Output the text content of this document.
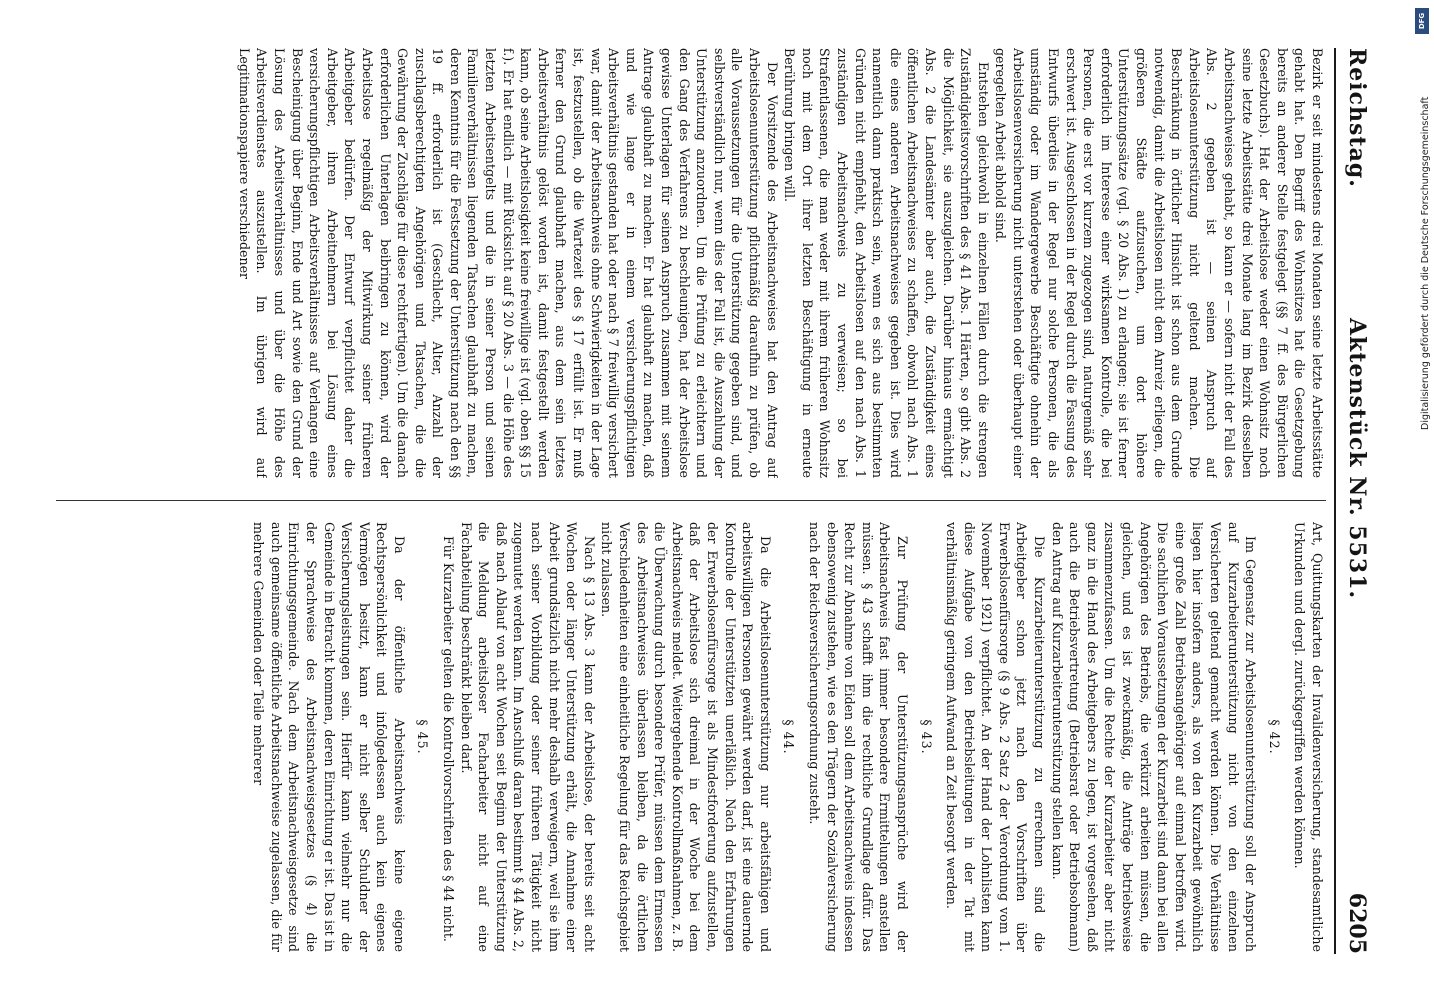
Reichstag.
Aktenstück Nr. 5531.
6205

Bezirk er seit mindestens drei Monaten seine letzte Arbeitsstätte gehabt hat. Den Begriff des Wohnsitzes hat die Gesetzgebung bereits an anderer Stelle festgelegt (§§ 7 ff. des Bürgerlichen Gesetzbuchs). Hat der Arbeitslose weder einen Wohnsitz noch seine letzte Arbeitsstätte drei Monate lang im Bezirk desselben Arbeitsnachweises gehabt, so kann er — sofern nicht der Fall des Abs. 2 gegeben ist — seinen Anspruch auf Arbeitslosenunterstützung nicht geltend machen. Die Beschränkung in örtlicher Hinsicht ist schon aus dem Grunde notwendig, damit die Arbeitslosen nicht dem Anreiz erliegen, die größeren Städte aufzusuchen, um dort höhere Unterstützungssätze (vgl. § 20 Abs. 1) zu erlangen; sie ist ferner erforderlich im Interesse einer wirksamen Kontrolle, die bei Personen, die erst vor kurzem zugezogen sind, naturgemäß sehr erschwert ist. Ausgeschlossen in der Regel durch die Fassung des Entwurfs überdies in der Regel nur solche Personen, die als umständig oder im Wandergewerbe Beschäftigte ohnehin der Arbeitslosenversicherung nicht unterstehen oder überhaupt einer geregelten Arbeit abhold sind.

Entstehen gleichwohl in einzelnen Fällen durch die strengen Zuständigkeitsvorschriften des § 41 Abs. 1 Härten, so gibt Abs. 2 die Möglichkeit, sie auszugleichen. Darüber hinaus ermächtigt Abs. 2 die Landesämter aber auch, die Zuständigkeit eines öffentlichen Arbeitsnachweises zu schaffen, obwohl nach Abs. 1 die eines anderen Arbeitsnachweises gegeben ist. Dies wird namentlich dann praktisch sein, wenn es sich aus bestimmten Gründen nicht empfiehlt, den Arbeitslosen auf den nach Abs. 1 zuständigen Arbeitsnachweis zu verweisen; so bei Strafentlassenen, die man weder mit ihrem früheren Wohnsitz noch mit dem Ort ihrer letzten Beschäftigung in erneute Berührung bringen will.

Der Vorsitzende des Arbeitsnachweises hat den Antrag auf Arbeitslosenunterstützung pflichtmäßig daraufhin zu prüfen, ob alle Voraussetzungen für die Unterstützung gegeben sind, und selbstverständlich nur, wenn dies der Fall ist, die Auszahlung der Unterstützung anzuordnen. Um die Prüfung zu erleichtern und den Gang des Verfahrens zu beschleunigen, hat der Arbeitslose gewisse Unterlagen für seinen Anspruch zusammen mit seinem Antrage glaubhaft zu machen. Er hat glaubhaft zu machen, daß und wie lange er in einem versicherungspflichtigen Arbeitsverhältnis gestanden hat oder nach § 7 freiwillig versichert war, damit der Arbeitsnachweis ohne Schwierigkeiten in der Lage ist, festzustellen, ob die Wartezeit des § 17 erfüllt ist. Er muß ferner den Grund glaubhaft machen, aus dem sein letztes Arbeitsverhältnis gelöst worden ist, damit festgestellt werden kann, ob seine Arbeitslosigkeit keine freiwillige ist (vgl. oben §§ 15 f.). Er hat endlich — mit Rücksicht auf § 20 Abs. 3 — die Höhe des letzten Arbeitsentgelts und die in seiner Person und seinen Familienverhältnissen liegenden Tatsachen glaubhaft zu machen, deren Kenntnis für die Festsetzung der Unterstützung nach den §§ 19 ff. erforderlich ist (Geschlecht, Alter, Anzahl der zuschlagsberechtigten Angehörigen und Tatsachen, die die Gewährung der Zuschläge für diese rechtfertigen). Um die danach erforderlichen Unterlagen beibringen zu können, wird der Arbeitslose regelmäßig der Mitwirkung seiner früheren Arbeitgeber bedürfen. Der Entwurf verpflichtet daher die Arbeitgeber, ihren Arbeitnehmern bei Lösung eines versicherungspflichtigen Arbeitsverhältnisses auf Verlangen eine Bescheinigung über Beginn, Ende und Art sowie den Grund der Lösung des Arbeitsverhältnisses und über die Höhe des Arbeitsverdienstes auszustellen. Im übrigen wird auf Legitimationspapiere verschiedener

Art, Quittungskarten der Invalidenversicherung, standesamtliche Urkunden und dergl. zurückgegriffen werden können.

§ 42.

Im Gegensatz zur Arbeitslosenunterstützung soll der Anspruch auf Kurzarbeiterunterstützung nicht von den einzelnen Versicherten geltend gemacht werden können. Die Verhältnisse liegen hier insofern anders, als von den Kurzarbeit gewöhnlich eine große Zahl Betriebsangehöriger auf einmal betroffen wird. Die sachlichen Voraussetzungen der Kurzarbeit sind dann bei allen Angehörigen des Betriebs, die verkürzt arbeiten müssen, die gleichen, und es ist zweckmäßig, die Anträge betriebsweise zusammenzufassen. Um die Rechte der Kurzarbeiter aber nicht ganz in die Hand des Arbeitgebers zu legen, ist vorgesehen, daß auch die Betriebsvertretung (Betriebsrat oder Betriebsobmann) den Antrag auf Kurzarbeiterunterstützung stellen kann.

Die Kurzarbeiterunterstützung zu errechnen sind die Arbeitgeber schon jetzt nach den Vorschriften über Erwerbslosenfürsorge (§ 9 Abs. 2 Satz 2 der Verordnung vom 1. November 1921) verpflichtet. An der Hand der Lohnlisten kann diese Aufgabe von den Betriebsleitungen in der Tat mit verhältnismäßig geringem Aufwand an Zeit besorgt werden.

§ 43.

Zur Prüfung der Unterstützungsansprüche wird der Arbeitsnachweis fast immer besondere Ermittelungen anstellen müssen. § 43 schafft ihm die rechtliche Grundlage dafür. Das Recht zur Abnahme von Eiden soll dem Arbeitsnachweis indessen ebensowenig zustehen, wie es den Trägern der Sozialversicherung nach der Reichsversicherungsordnung zusteht.

§ 44.

Da die Arbeitslosenunterstützung nur arbeitsfähigen und arbeitswilligen Personen gewährt werden darf, ist eine dauernde Kontrolle der Unterstützten unerläßlich. Nach den Erfahrungen der Erwerbslosenfürsorge ist als Mindestforderung aufzustellen, daß der Arbeitslose sich dreimal in der Woche bei dem Arbeitsnachweis meldet. Weitergehende Kontrollmaßnahmen, z. B. die Überwachung durch besondere Prüfer, müssen dem Ermessen des Arbeitsnachweises überlassen bleiben, da die örtlichen Verschiedenheiten eine einheitliche Regelung für das Reichsgebiet nicht zulassen.

Nach § 13 Abs. 3 kann der Arbeitslose, der bereits seit acht Wochen oder länger Unterstützung erhält, die Annahme einer Arbeit grundsätzlich nicht mehr deshalb verweigern, weil sie ihm nach seiner Vorbildung oder seiner früheren Tätigkeit nicht zugemutet werden kann. Im Anschluß daran bestimmt § 44 Abs. 2, daß nach Ablauf von acht Wochen seit Beginn der Unterstützung die Meldung arbeitsloser Facharbeiter nicht auf eine Fachabteilung beschränkt bleiben darf.

Für Kurzarbeiter gelten die Kontrollvorschriften des § 44 nicht.

§ 45.

Da der öffentliche Arbeitsnachweis keine eigene Rechtspersönlichkeit und infolgedessen auch kein eigenes Vermögen besitzt, kann er nicht selber Schuldner der Versicherungsleistungen sein. Hierfür kann vielmehr nur die Gemeinde in Betracht kommen, deren Einrichtung er ist. Das ist in der Sprachweise des Arbeitsnachweisgesetzes (§ 4) die Einrichtungsgemeinde. Nach dem Arbeitsnachweisgesetze sind auch gemeinsame öffentliche Arbeitsnachweise zugelassen, die für mehrere Gemeinden oder Teile mehrerer

Digitalisierung gefördert durch die Deutsche Forschungsgemeinschaft
DFG
